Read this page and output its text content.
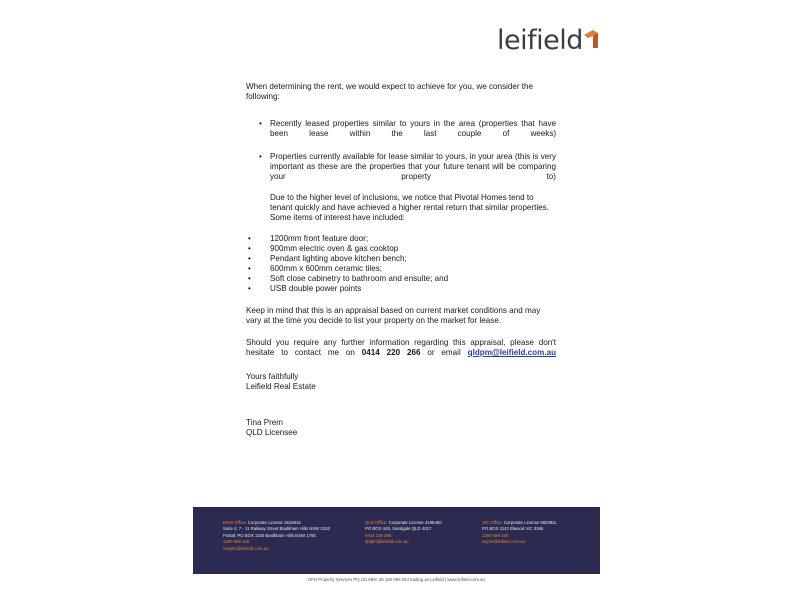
leifield

When determining the rent, we would expect to achieve for you, we consider the following:

• Recently leased properties similar to yours in the area (properties that have
been	lease	within	the	last	couple	of	weeks)
• Properties currently available for lease similar to yours, in your area (this is very
important as these are the properties that your future tenant will be comparing
your	property	to)

Due to the higher level of inclusions, we notice that Pivotal Homes tend to tenant quickly and have achieved a higher rental return that similar properties. Some items of interest have included:

• 1200mm front feature door;
• 900mm electric oven & gas cooktop
• Pendant lighting above kitchen bench;
• 600mm x 600mm ceramic tiles;
• Soft close cabinetry to bathroom and ensuite; and
• USB double power points

Keep in mind that this is an appraisal based on current market conditions and may vary at the time you decide to list your property on the market for lease.

Should you require any further information regarding this appraisal, please don't
hesitate to contact me on 0414 220 266 or email qldpm@leifield.com.au
Yours faithfully
Leifield Real Estate
Tina Prem
QLD Licensee
NSW Office: Corporate License 1515916
Suite 4, 7 - 11 Railway Street Baulkham Hills NSW 2153
Postal: PO BOX 1100 Baulkham Hills NSW 1755
1300 559 150
nswpm@leifield.com.au
QLD Office: Corporate License 4185450
PO BOX 445, Sandgate QLD 4017
0414 220 266
qldpm@leifield.com.au
VIC Office: Corporate License 082392L
PO BOX 1142 Elwood VIC 3186
1300 559 150
vicpm@leifield.com.au
DFG Property Services Pty Ltd ABN: 38 160 999 254 trading as Leifield | www.leifield.com.au
